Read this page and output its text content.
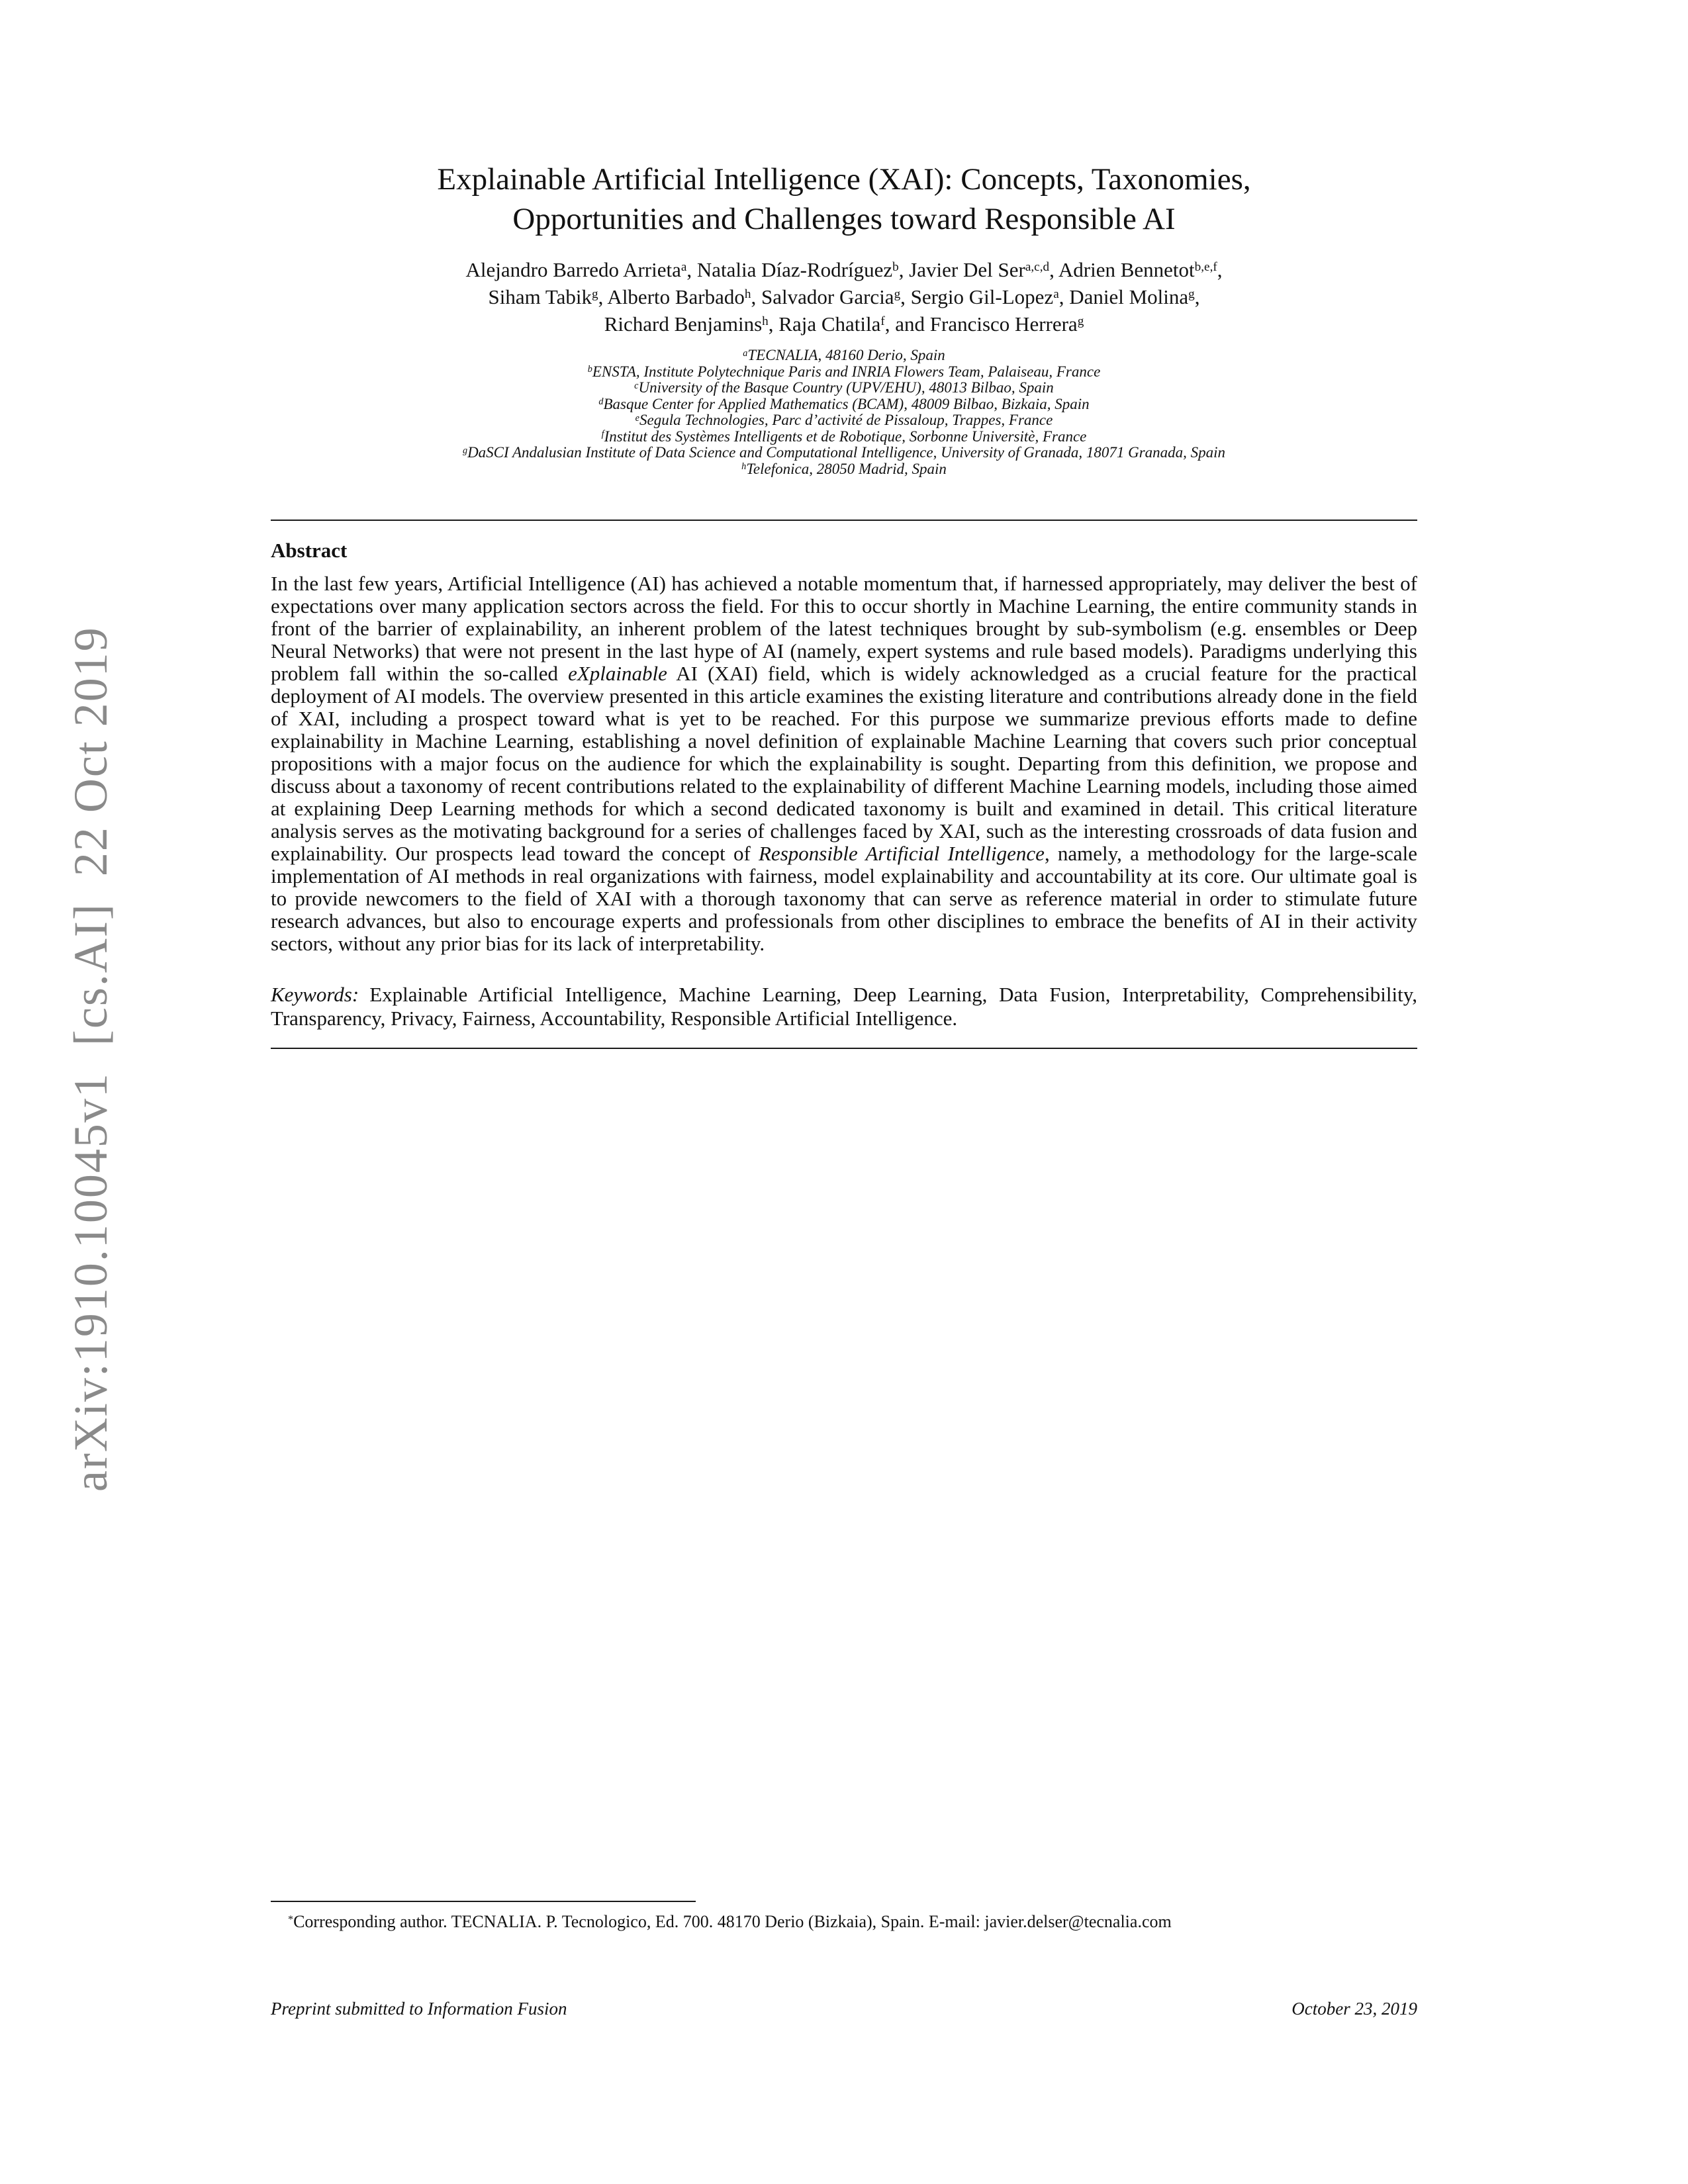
arXiv:1910.10045v1  [cs.AI]  22 Oct 2019
Explainable Artificial Intelligence (XAI): Concepts, Taxonomies,
Opportunities and Challenges toward Responsible AI
Alejandro Barredo Arrieta$^a$, Natalia Díaz-Rodríguez$^b$, Javier Del Ser$^{a,c,d}$, Adrien Bennetot$^{b,e,f}$,
Siham Tabik$^g$, Alberto Barbado$^h$, Salvador Garcia$^g$, Sergio Gil-Lopez$^a$, Daniel Molina$^g$,
Richard Benjamins$^h$, Raja Chatila$^f$, and Francisco Herrera$^g$
$^a$TECNALIA, 48160 Derio, Spain
$^b$ENSTA, Institute Polytechnique Paris and INRIA Flowers Team, Palaiseau, France
$^c$University of the Basque Country (UPV/EHU), 48013 Bilbao, Spain
$^d$Basque Center for Applied Mathematics (BCAM), 48009 Bilbao, Bizkaia, Spain
$^e$Segula Technologies, Parc d’activité de Pissaloup, Trappes, France
$^f$Institut des Systèmes Intelligents et de Robotique, Sorbonne Universitè, France
$^g$DaSCI Andalusian Institute of Data Science and Computational Intelligence, University of Granada, 18071 Granada, Spain
$^h$Telefonica, 28050 Madrid, Spain
Abstract

In the last few years, Artificial Intelligence (AI) has achieved a notable momentum that, if harnessed appropriately, may deliver the best of expectations over many application sectors across the field. For this to occur shortly in Machine Learning, the entire community stands in front of the barrier of explainability, an inherent problem of the latest techniques brought by sub-symbolism (e.g. ensembles or Deep Neural Networks) that were not present in the last hype of AI (namely, expert systems and rule based models). Paradigms underlying this problem fall within the so-called eXplainable AI (XAI) field, which is widely acknowledged as a crucial feature for the practical deployment of AI models. The overview presented in this article examines the existing literature and contributions already done in the field of XAI, including a prospect toward what is yet to be reached. For this purpose we summarize previous efforts made to define explainability in Machine Learning, establishing a novel definition of explainable Machine Learning that covers such prior conceptual propositions with a major focus on the audience for which the explainability is sought. Departing from this definition, we propose and discuss about a taxonomy of recent contributions related to the explainability of different Machine Learning models, including those aimed at explaining Deep Learning methods for which a second dedicated taxonomy is built and examined in detail. This critical literature analysis serves as the motivating background for a series of challenges faced by XAI, such as the interesting crossroads of data fusion and explainability. Our prospects lead toward the concept of Responsible Artificial Intelligence, namely, a methodology for the large-scale implementation of AI methods in real organizations with fairness, model explainability and accountability at its core. Our ultimate goal is to provide newcomers to the field of XAI with a thorough taxonomy that can serve as reference material in order to stimulate future research advances, but also to encourage experts and professionals from other disciplines to embrace the benefits of AI in their activity sectors, without any prior bias for its lack of interpretability.

Keywords: Explainable Artificial Intelligence, Machine Learning, Deep Learning, Data Fusion, Interpretability, Comprehensibility, Transparency, Privacy, Fairness, Accountability, Responsible Artificial Intelligence.

*Corresponding author. TECNALIA. P. Tecnologico, Ed. 700. 48170 Derio (Bizkaia), Spain. E-mail: javier.delser@tecnalia.com

Preprint submitted to Information Fusion	October 23, 2019
